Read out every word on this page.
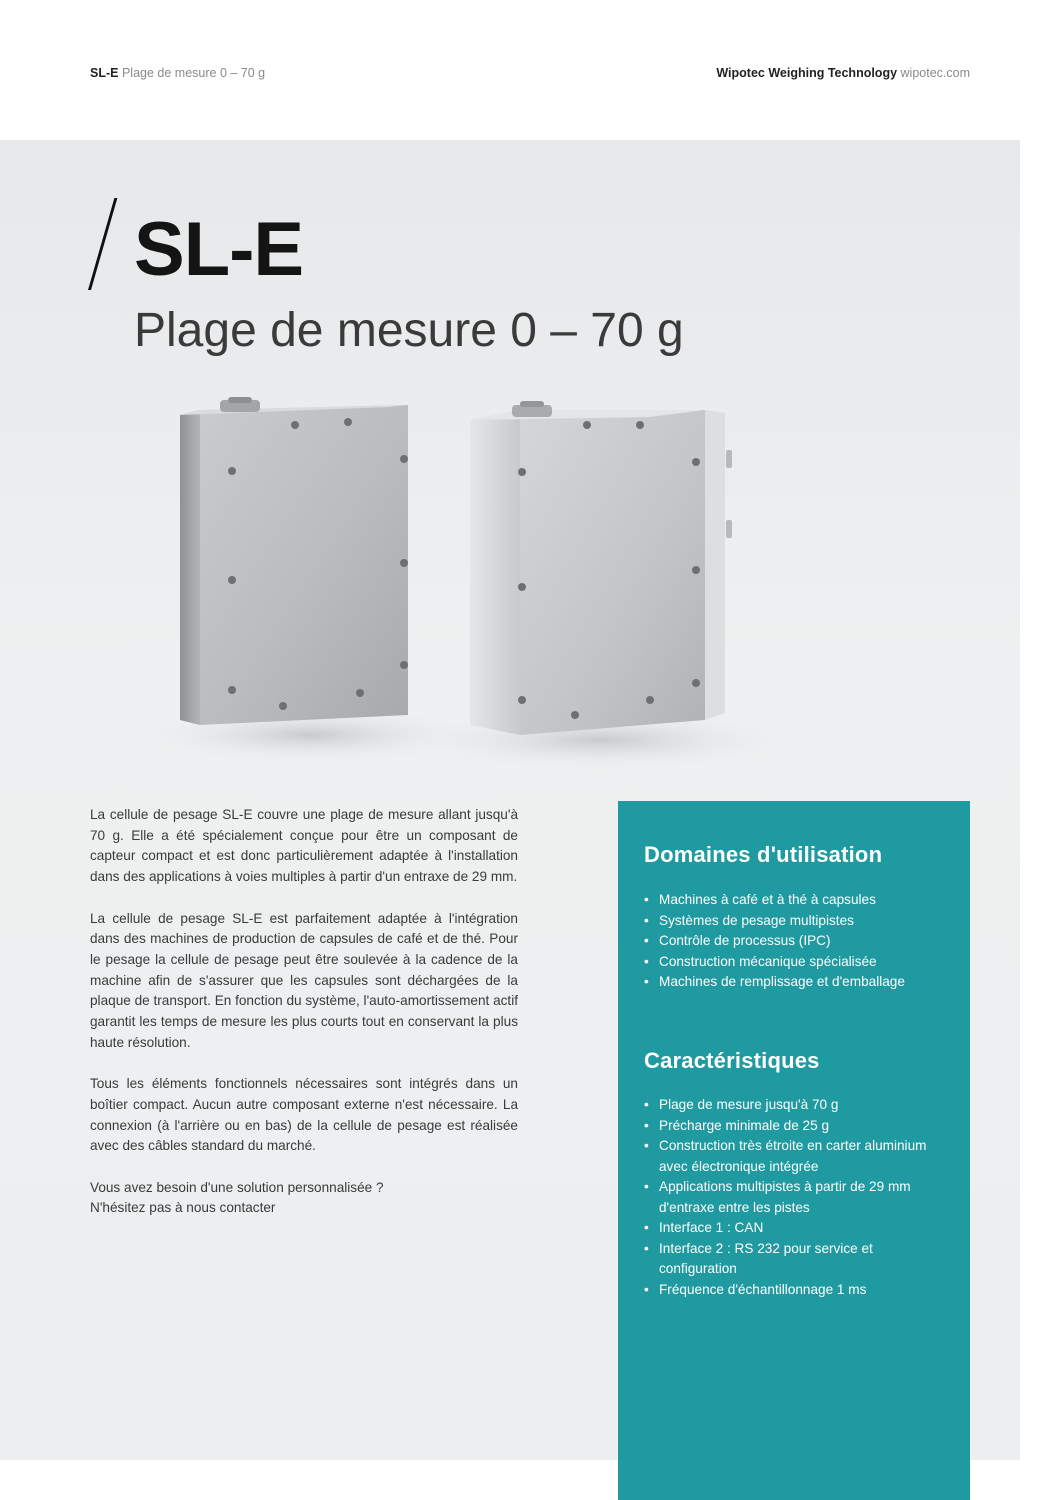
SL-E Plage de mesure 0 – 70 g	Wipotec Weighing Technology wipotec.com
SL-E
Plage de mesure 0 – 70 g

La cellule de pesage SL-E couvre une plage de mesure allant jusqu'à 70 g. Elle a été spécialement conçue pour être un composant de capteur compact et est donc particulièrement adaptée à l'installation dans des applications à voies multiples à partir d'un entraxe de 29 mm.

La cellule de pesage SL-E est parfaitement adaptée à l'intégration dans des machines de production de capsules de café et de thé. Pour le pesage la cellule de pesage peut être soulevée à la cadence de la machine afin de s'assurer que les capsules sont déchargées de la plaque de transport. En fonction du système, l'auto-amortissement actif garantit les temps de mesure les plus courts tout en conservant la plus haute résolution.

Tous les éléments fonctionnels nécessaires sont intégrés dans un boîtier compact. Aucun autre composant externe n'est nécessaire. La connexion (à l'arrière ou en bas) de la cellule de pesage est réalisée avec des câbles standard du marché.

Vous avez besoin d'une solution personnalisée ?
N'hésitez pas à nous contacter
Domaines d'utilisation
• Machines à café et à thé à capsules
• Systèmes de pesage multipistes
• Contrôle de processus (IPC)
• Construction mécanique spécialisée
• Machines de remplissage et d'emballage
Caractéristiques
• Plage de mesure jusqu'à 70 g
• Précharge minimale de 25 g
• Construction très étroite en carter aluminium avec électronique intégrée
• Applications multipistes à partir de 29 mm d'entraxe entre les pistes
• Interface 1 : CAN
• Interface 2 : RS 232 pour service et configuration
• Fréquence d'échantillonnage 1 ms
